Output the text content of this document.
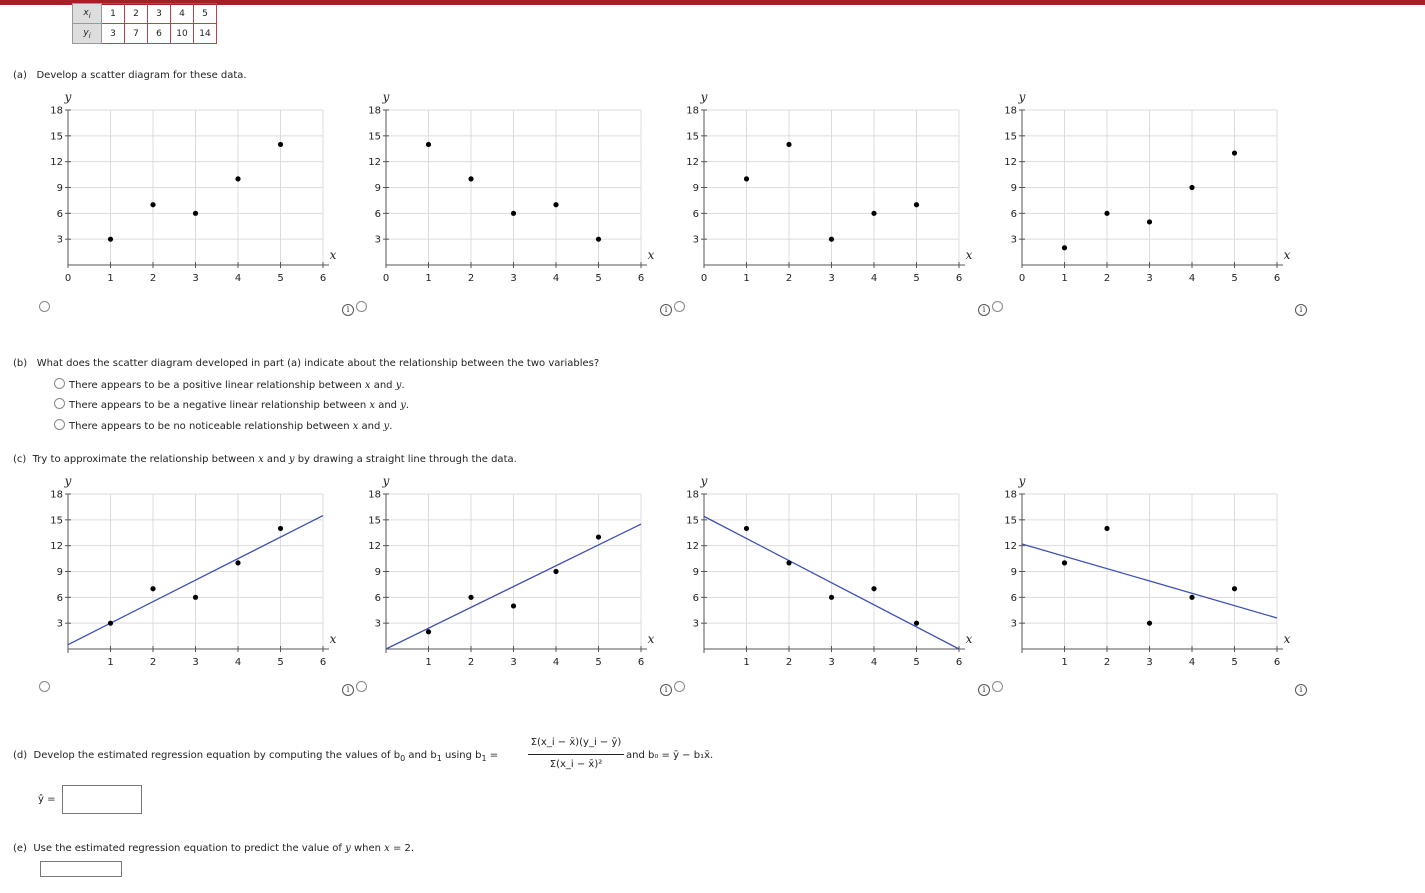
$x_i$	1	2	3	4	5
$y_i$	3	7	6	10	14
(a) Develop a scatter diagram for these data.
3
6
9
12
15
18
0	1	2	3	4	5	6
y
x
3
6
9
12
15
18
0	1	2	3	4	5	6
y
x
3
6
9
12
15
18
0	1	2	3	4	5	6
y
x
3
6
9
12
15
18
0	1	2	3	4	5	6
y
x
i	i	i	i
(b) What does the scatter diagram developed in part (a) indicate about the relationship between the two variables?
There appears to be a positive linear relationship between x and y.
There appears to be a negative linear relationship between x and y.
There appears to be no noticeable relationship between x and y.
(c) Try to approximate the relationship between x and y by drawing a straight line through the data.
3
6
9
12
15
18
1	2	3	4	5	6
y
x
3
6
9
12
15
18
1	2	3	4	5	6
y
x
3
6
9
12
15
18
1	2	3	4	5	6
y
x
3
6
9
12
15
18
1	2	3	4	5	6
y
x
i	i	i	i
(d) Develop the estimated regression equation by computing the values of $b_0$ and $b_1$ using $b_1$ =
Σ(x_i − x̄)(y_i − ȳ)
Σ(x_i − x̄)²
and b₀ = ȳ − b₁x̄.
ŷ =
(e) Use the estimated regression equation to predict the value of y when x = 2.
